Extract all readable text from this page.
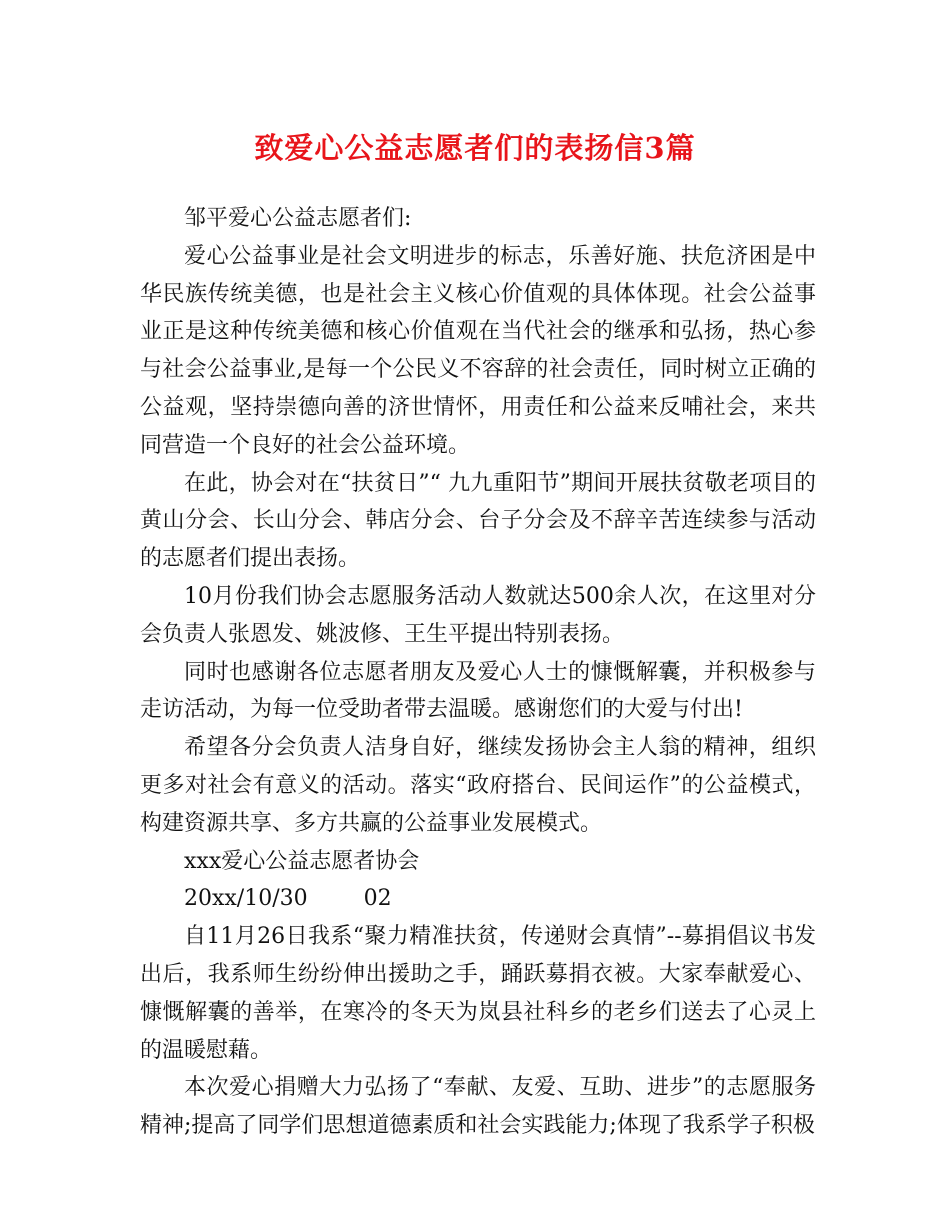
致爱心公益志愿者们的表扬信3篇

邹平爱心公益志愿者们:

爱心公益事业是社会文明进步的标志，乐善好施、扶危济困是中华民族传统美德，也是社会主义核心价值观的具体体现。社会公益事业正是这种传统美德和核心价值观在当代社会的继承和弘扬，热心参与社会公益事业,是每一个公民义不容辞的社会责任，同时树立正确的公益观，坚持崇德向善的济世情怀，用责任和公益来反哺社会，来共同营造一个良好的社会公益环境。

在此，协会对在“扶贫日”“ 九九重阳节”期间开展扶贫敬老项目的黄山分会、长山分会、韩店分会、台子分会及不辞辛苦连续参与活动的志愿者们提出表扬。

10月份我们协会志愿服务活动人数就达500余人次，在这里对分会负责人张恩发、姚波修、王生平提出特别表扬。

同时也感谢各位志愿者朋友及爱心人士的慷慨解囊，并积极参与走访活动，为每一位受助者带去温暖。感谢您们的大爱与付出!

希望各分会负责人洁身自好，继续发扬协会主人翁的精神，组织更多对社会有意义的活动。落实“政府搭台、民间运作”的公益模式，构建资源共享、多方共赢的公益事业发展模式。

xxx爱心公益志愿者协会

20xx/10/30	02

自11月26日我系“聚力精准扶贫，传递财会真情”--募捐倡议书发出后，我系师生纷纷伸出援助之手，踊跃募捐衣被。大家奉献爱心、慷慨解囊的善举，在寒冷的冬天为岚县社科乡的老乡们送去了心灵上的温暖慰藉。

本次爱心捐赠大力弘扬了“奉献、友爱、互助、进步”的志愿服务精神;提高了同学们思想道德素质和社会实践能力;体现了我系学子积极
